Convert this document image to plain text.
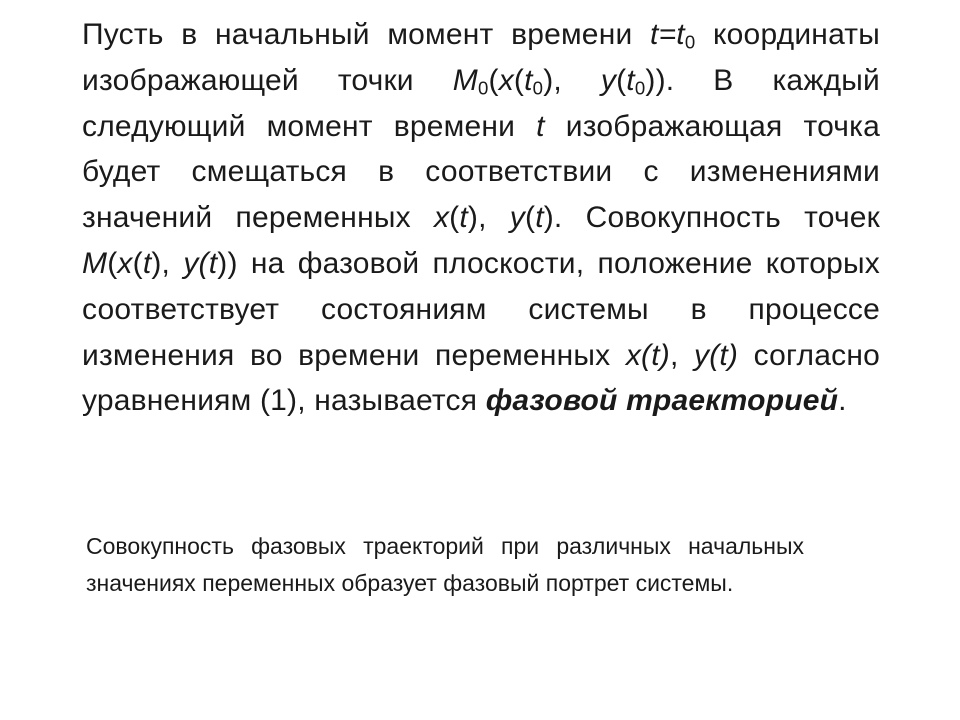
Пусть в начальный момент времени $t=t_0$ координаты изображающей точки $M_0(x(t_0)$, $y(t_0)$). В каждый следующий момент времени t изображающая точка будет смещаться в соответствии с изменениями значений переменных x(t), y(t). Совокупность точек M(x(t), y(t)) на фазовой плоскости, положение которых соответствует состояниям системы в процессе изменения во времени переменных x(t), y(t) согласно уравнениям (1), называется фазовой траекторией.

Совокупность фазовых траекторий при различных начальных значениях переменных образует фазовый портрет системы.
